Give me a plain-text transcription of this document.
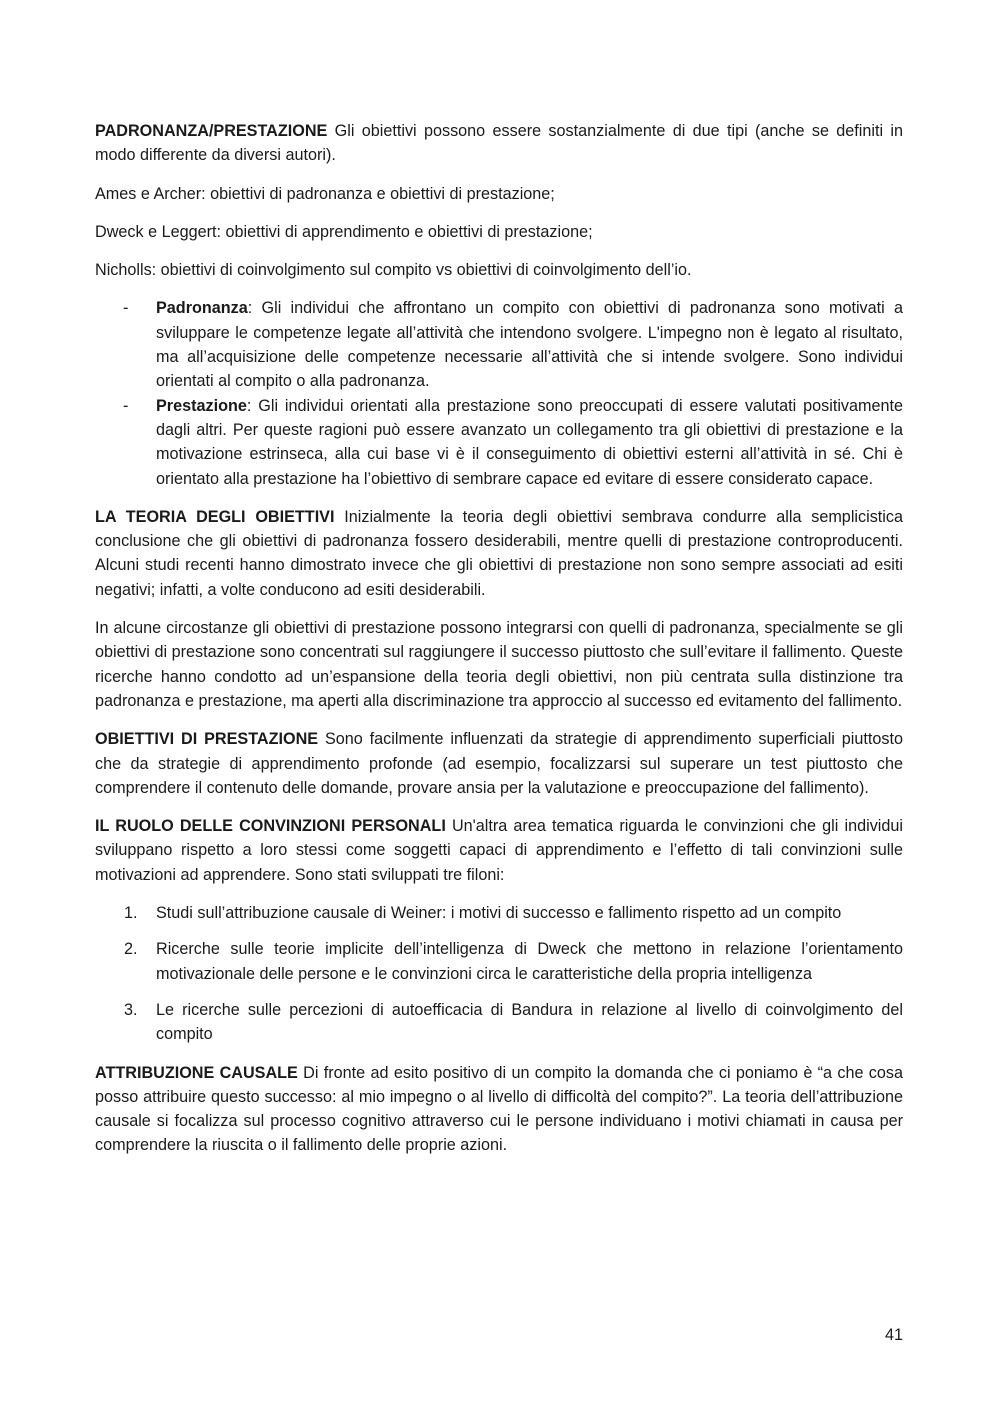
PADRONANZA/PRESTAZIONE Gli obiettivi possono essere sostanzialmente di due tipi (anche se definiti in modo differente da diversi autori).

Ames e Archer: obiettivi di padronanza e obiettivi di prestazione;

Dweck e Leggert: obiettivi di apprendimento e obiettivi di prestazione;

Nicholls: obiettivi di coinvolgimento sul compito vs obiettivi di coinvolgimento dell’io.

- Padronanza: Gli individui che affrontano un compito con obiettivi di padronanza sono motivati a sviluppare le competenze legate all’attività che intendono svolgere. L'impegno non è legato al risultato, ma all’acquisizione delle competenze necessarie all’attività che si intende svolgere. Sono individui orientati al compito o alla padronanza.
- Prestazione: Gli individui orientati alla prestazione sono preoccupati di essere valutati positivamente dagli altri. Per queste ragioni può essere avanzato un collegamento tra gli obiettivi di prestazione e la motivazione estrinseca, alla cui base vi è il conseguimento di obiettivi esterni all’attività in sé. Chi è orientato alla prestazione ha l’obiettivo di sembrare capace ed evitare di essere considerato capace.

LA TEORIA DEGLI OBIETTIVI Inizialmente la teoria degli obiettivi sembrava condurre alla semplicistica conclusione che gli obiettivi di padronanza fossero desiderabili, mentre quelli di prestazione controproducenti. Alcuni studi recenti hanno dimostrato invece che gli obiettivi di prestazione non sono sempre associati ad esiti negativi; infatti, a volte conducono ad esiti desiderabili.

In alcune circostanze gli obiettivi di prestazione possono integrarsi con quelli di padronanza, specialmente se gli obiettivi di prestazione sono concentrati sul raggiungere il successo piuttosto che sull’evitare il fallimento. Queste ricerche hanno condotto ad un’espansione della teoria degli obiettivi, non più centrata sulla distinzione tra padronanza e prestazione, ma aperti alla discriminazione tra approccio al successo ed evitamento del fallimento.

OBIETTIVI DI PRESTAZIONE Sono facilmente influenzati da strategie di apprendimento superficiali piuttosto che da strategie di apprendimento profonde (ad esempio, focalizzarsi sul superare un test piuttosto che comprendere il contenuto delle domande, provare ansia per la valutazione e preoccupazione del fallimento).

IL RUOLO DELLE CONVINZIONI PERSONALI Un'altra area tematica riguarda le convinzioni che gli individui sviluppano rispetto a loro stessi come soggetti capaci di apprendimento e l’effetto di tali convinzioni sulle motivazioni ad apprendere. Sono stati sviluppati tre filoni:

1. Studi sull’attribuzione causale di Weiner: i motivi di successo e fallimento rispetto ad un compito
2. Ricerche sulle teorie implicite dell’intelligenza di Dweck che mettono in relazione l’orientamento motivazionale delle persone e le convinzioni circa le caratteristiche della propria intelligenza
3. Le ricerche sulle percezioni di autoefficacia di Bandura in relazione al livello di coinvolgimento del compito

ATTRIBUZIONE CAUSALE Di fronte ad esito positivo di un compito la domanda che ci poniamo è “a che cosa posso attribuire questo successo: al mio impegno o al livello di difficoltà del compito?”. La teoria dell’attribuzione causale si focalizza sul processo cognitivo attraverso cui le persone individuano i motivi chiamati in causa per comprendere la riuscita o il fallimento delle proprie azioni.

41
